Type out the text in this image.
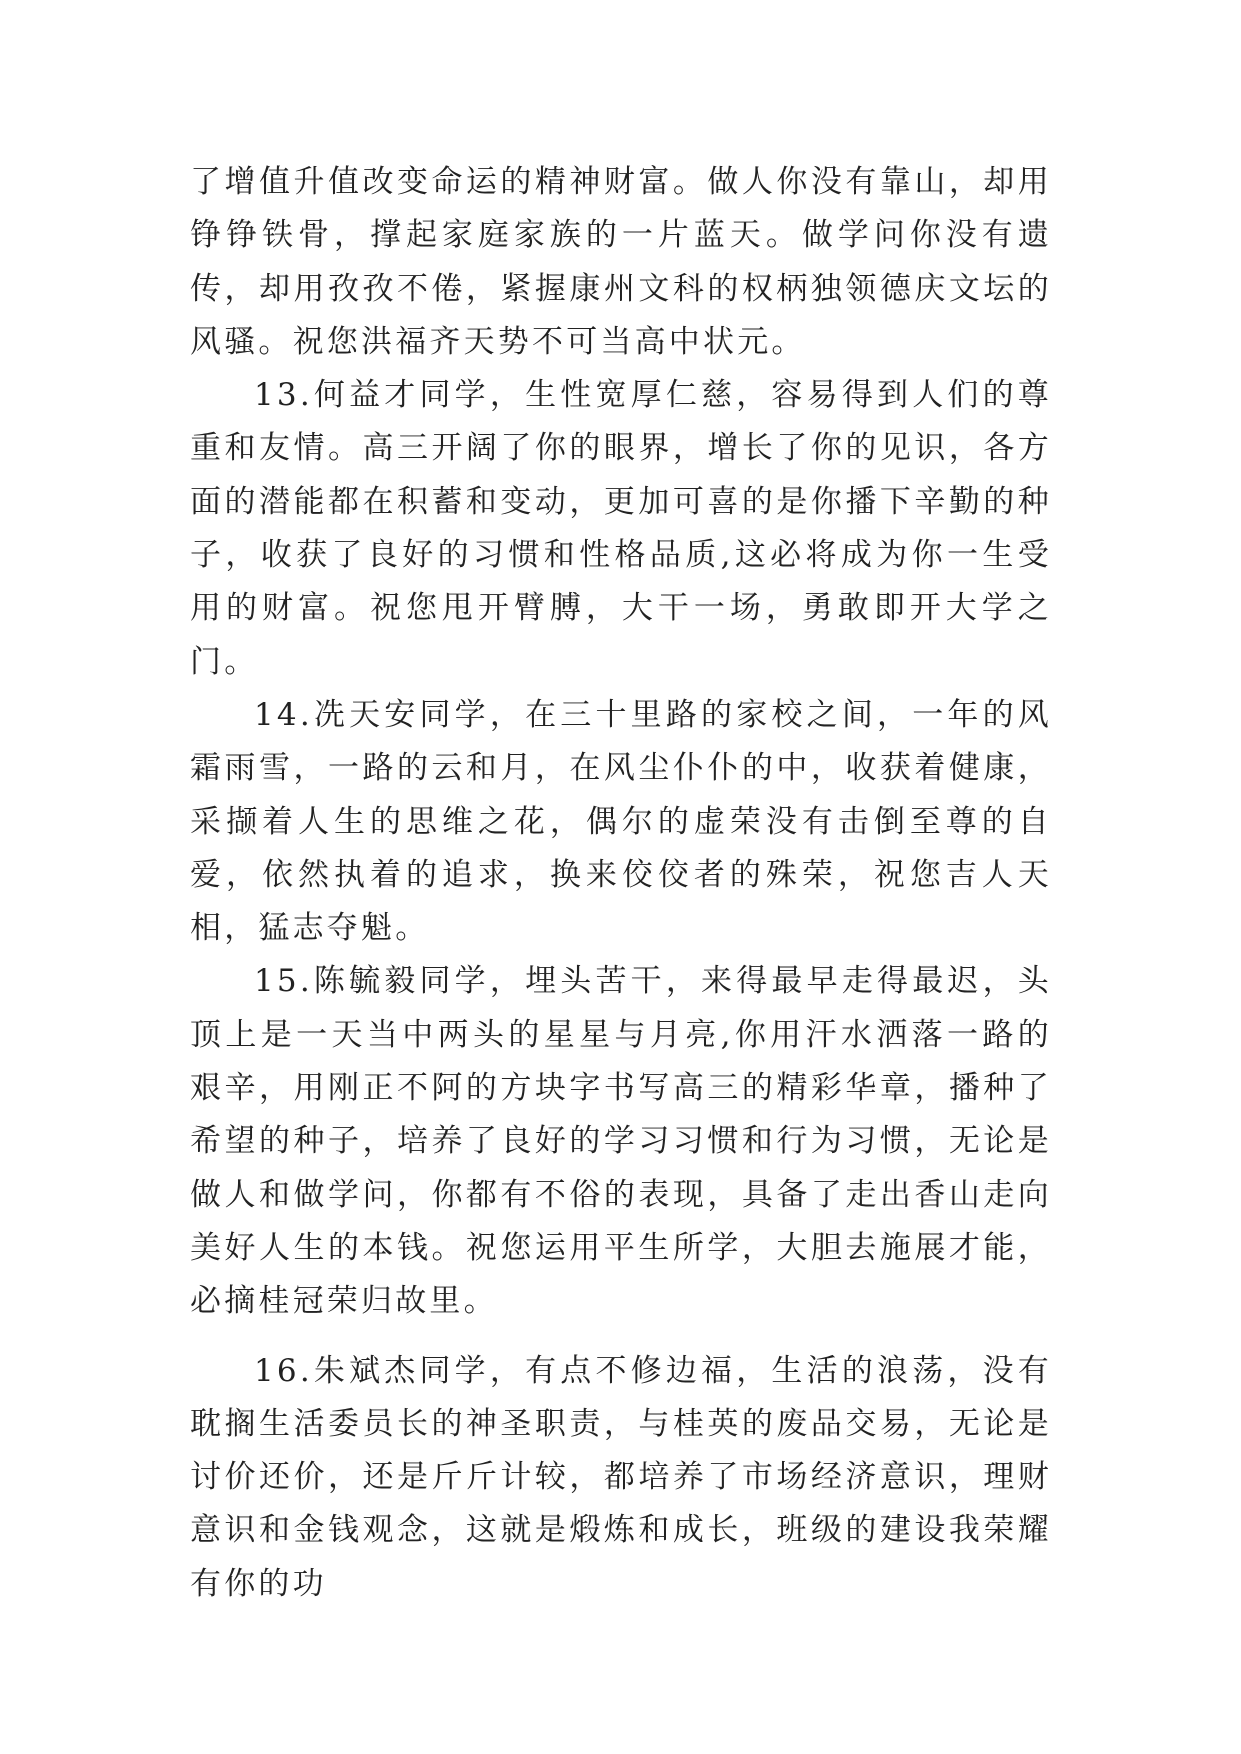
了增值升值改变命运的精神财富。做人你没有靠山，却用铮铮铁骨，撑起家庭家族的一片蓝天。做学问你没有遗传，却用孜孜不倦，紧握康州文科的权柄独领德庆文坛的风骚。祝您洪福齐天势不可当高中状元。

13.何益才同学，生性宽厚仁慈，容易得到人们的尊重和友情。高三开阔了你的眼界，增长了你的见识，各方面的潜能都在积蓄和变动，更加可喜的是你播下辛勤的种子，收获了良好的习惯和性格品质,这必将成为你一生受用的财富。祝您甩开臂膊，大干一场，勇敢即开大学之门。

14.冼天安同学，在三十里路的家校之间，一年的风霜雨雪，一路的云和月，在风尘仆仆的中，收获着健康，采撷着人生的思维之花，偶尔的虚荣没有击倒至尊的自爱，依然执着的追求，换来佼佼者的殊荣，祝您吉人天相，猛志夺魁。

15.陈毓毅同学，埋头苦干，来得最早走得最迟，头顶上是一天当中两头的星星与月亮,你用汗水洒落一路的艰辛，用刚正不阿的方块字书写高三的精彩华章，播种了希望的种子，培养了良好的学习习惯和行为习惯，无论是做人和做学问，你都有不俗的表现，具备了走出香山走向美好人生的本钱。祝您运用平生所学，大胆去施展才能，必摘桂冠荣归故里。

16.朱斌杰同学，有点不修边福，生活的浪荡，没有耽搁生活委员长的神圣职责，与桂英的废品交易，无论是讨价还价，还是斤斤计较，都培养了市场经济意识，理财意识和金钱观念，这就是煅炼和成长，班级的建设我荣耀有你的功
